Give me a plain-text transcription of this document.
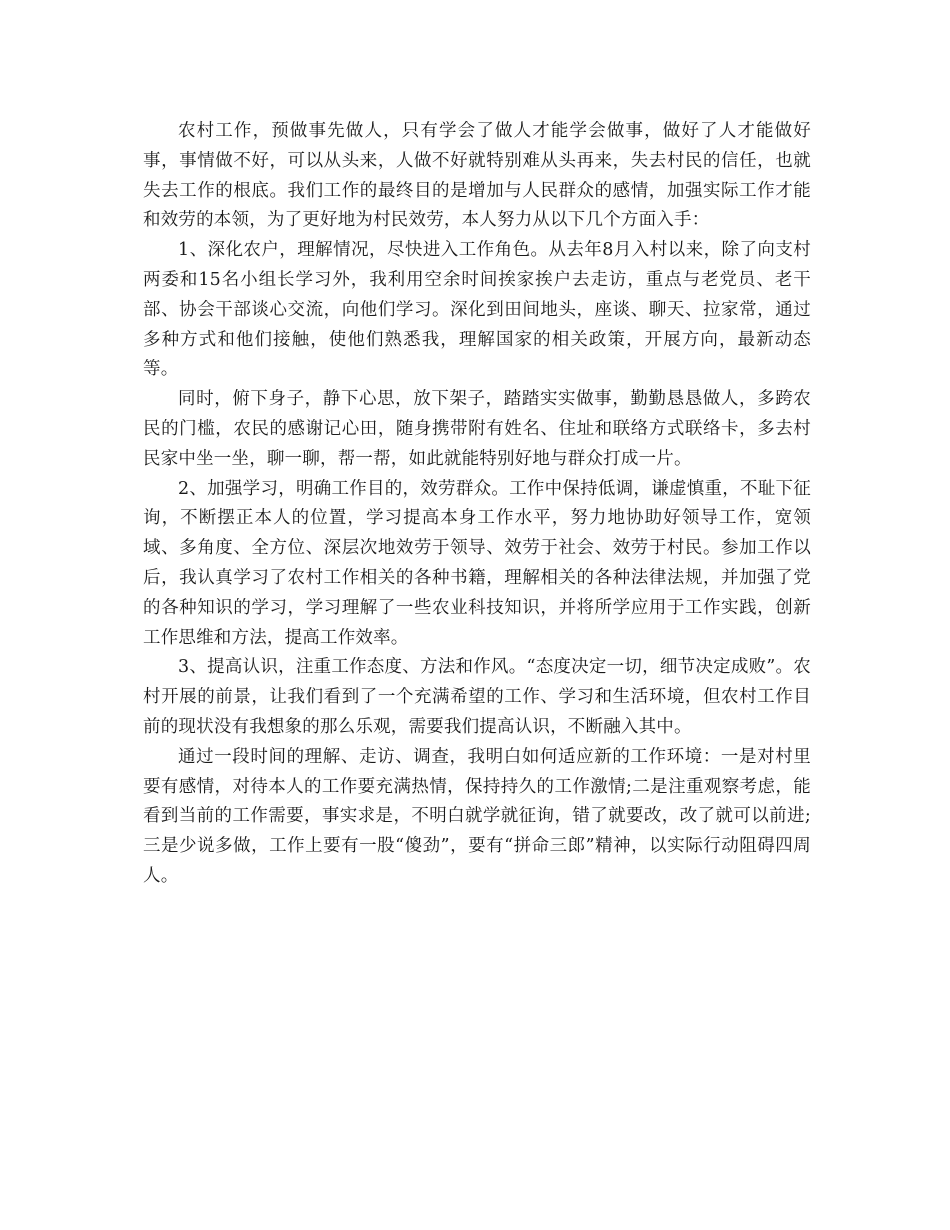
农村工作，预做事先做人，只有学会了做人才能学会做事，做好了人才能做好事，事情做不好，可以从头来，人做不好就特别难从头再来，失去村民的信任，也就失去工作的根底。我们工作的最终目的是增加与人民群众的感情，加强实际工作才能和效劳的本领，为了更好地为村民效劳，本人努力从以下几个方面入手：

1、深化农户，理解情况，尽快进入工作角色。从去年8月入村以来，除了向支村两委和15名小组长学习外，我利用空余时间挨家挨户去走访，重点与老党员、老干部、协会干部谈心交流，向他们学习。深化到田间地头，座谈、聊天、拉家常，通过多种方式和他们接触，使他们熟悉我，理解国家的相关政策，开展方向，最新动态等。

同时，俯下身子，静下心思，放下架子，踏踏实实做事，勤勤恳恳做人，多跨农民的门槛，农民的感谢记心田，随身携带附有姓名、住址和联络方式联络卡，多去村民家中坐一坐，聊一聊，帮一帮，如此就能特别好地与群众打成一片。

2、加强学习，明确工作目的，效劳群众。工作中保持低调，谦虚慎重，不耻下征询，不断摆正本人的位置，学习提高本身工作水平，努力地协助好领导工作，宽领域、多角度、全方位、深层次地效劳于领导、效劳于社会、效劳于村民。参加工作以后，我认真学习了农村工作相关的各种书籍，理解相关的各种法律法规，并加强了党的各种知识的学习，学习理解了一些农业科技知识，并将所学应用于工作实践，创新工作思维和方法，提高工作效率。

3、提高认识，注重工作态度、方法和作风。“态度决定一切，细节决定成败”。农村开展的前景，让我们看到了一个充满希望的工作、学习和生活环境，但农村工作目前的现状没有我想象的那么乐观，需要我们提高认识，不断融入其中。

通过一段时间的理解、走访、调查，我明白如何适应新的工作环境：一是对村里要有感情，对待本人的工作要充满热情，保持持久的工作激情;二是注重观察考虑，能看到当前的工作需要，事实求是，不明白就学就征询，错了就要改，改了就可以前进;三是少说多做，工作上要有一股“傻劲”，要有“拼命三郎”精神，以实际行动阻碍四周人。
